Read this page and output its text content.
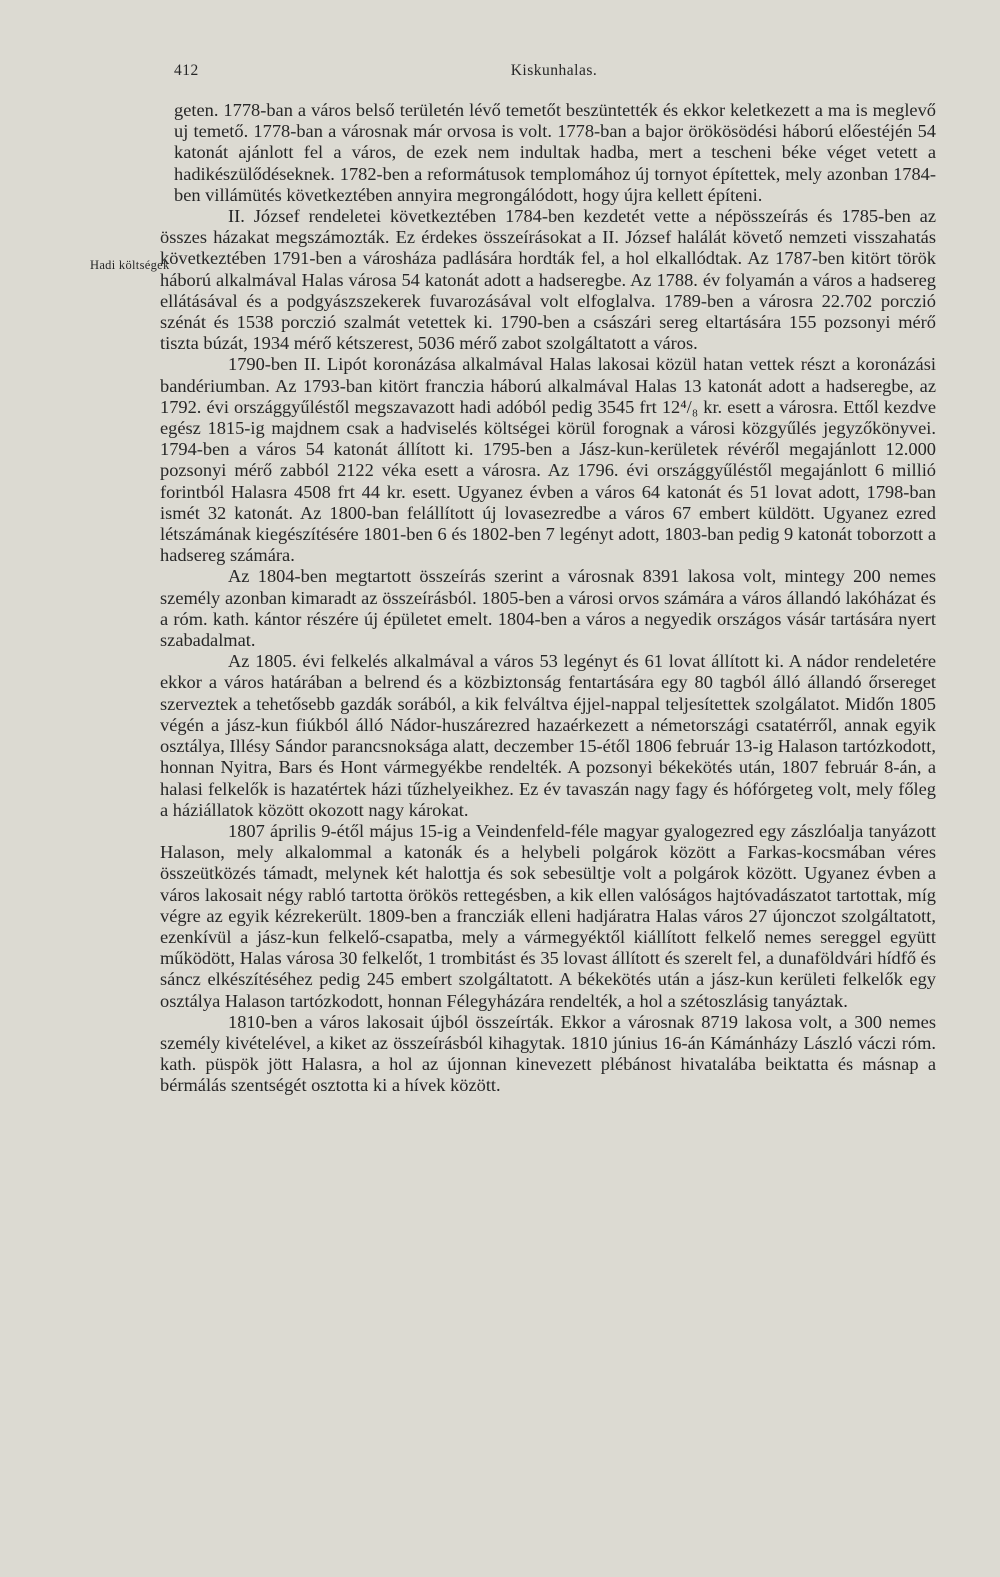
412	Kiskunhalas.
Hadi költségek

geten. 1778-ban a város belső területén lévő temetőt beszüntették és ekkor keletkezett a ma is meglevő uj temető. 1778-ban a városnak már orvosa is volt. 1778-ban a bajor örökösödési háború előestéjén 54 katonát ajánlott fel a város, de ezek nem indultak hadba, mert a tescheni béke véget vetett a hadikészülődéseknek. 1782-ben a reformátusok templomához új tornyot építettek, mely azonban 1784-ben villámütés következtében annyira megrongálódott, hogy újra kellett építeni.

II. József rendeletei következtében 1784-ben kezdetét vette a népösszeírás és 1785-ben az összes házakat megszámozták. Ez érdekes összeírásokat a II. József halálát követő nemzeti visszahatás következtében 1791-ben a városháza padlására hordták fel, a hol elkallódtak. Az 1787-ben kitört török háború alkalmával Halas városa 54 katonát adott a hadseregbe. Az 1788. év folyamán a város a hadsereg ellátásával és a podgyászszekerek fuvarozásával volt elfoglalva. 1789-ben a városra 22.702 porczió szénát és 1538 porczió szalmát vetettek ki. 1790-ben a császári sereg eltartására 155 pozsonyi mérő tiszta búzát, 1934 mérő kétszerest, 5036 mérő zabot szolgáltatott a város.

1790-ben II. Lipót koronázása alkalmával Halas lakosai közül hatan vettek részt a koronázási bandériumban. Az 1793-ban kitört franczia háború alkalmával Halas 13 katonát adott a hadseregbe, az 1792. évi országgyűléstől megszavazott hadi adóból pedig 3545 frt 12⁴/₈ kr. esett a városra. Ettől kezdve egész 1815-ig majdnem csak a hadviselés költségei körül forognak a városi közgyűlés jegyzőkönyvei. 1794-ben a város 54 katonát állított ki. 1795-ben a Jász-kun-kerületek révéről megajánlott 12.000 pozsonyi mérő zabból 2122 véka esett a városra. Az 1796. évi országgyűléstől megajánlott 6 millió forintból Halasra 4508 frt 44 kr. esett. Ugyanez évben a város 64 katonát és 51 lovat adott, 1798-ban ismét 32 katonát. Az 1800-ban felállított új lovasezredbe a város 67 embert küldött. Ugyanez ezred létszámának kiegészítésére 1801-ben 6 és 1802-ben 7 legényt adott, 1803-ban pedig 9 katonát toborzott a hadsereg számára.

Az 1804-ben megtartott összeírás szerint a városnak 8391 lakosa volt, mintegy 200 nemes személy azonban kimaradt az összeírásból. 1805-ben a városi orvos számára a város állandó lakóházat és a róm. kath. kántor részére új épületet emelt. 1804-ben a város a negyedik országos vásár tartására nyert szabadalmat.

Az 1805. évi felkelés alkalmával a város 53 legényt és 61 lovat állított ki. A nádor rendeletére ekkor a város határában a belrend és a közbiztonság fentartására egy 80 tagból álló állandó őrsereget szerveztek a tehetősebb gazdák sorából, a kik felváltva éjjel-nappal teljesítettek szolgálatot. Midőn 1805 végén a jász-kun fiúkból álló Nádor-huszárezred hazaérkezett a németországi csatatérről, annak egyik osztálya, Illésy Sándor parancsnoksága alatt, deczember 15-étől 1806 február 13-ig Halason tartózkodott, honnan Nyitra, Bars és Hont vármegyékbe rendelték. A pozsonyi békekötés után, 1807 február 8-án, a halasi felkelők is hazatértek házi tűzhelyeikhez. Ez év tavaszán nagy fagy és hófórgeteg volt, mely főleg a háziállatok között okozott nagy károkat.

1807 április 9-étől május 15-ig a Veindenfeld-féle magyar gyalogezred egy zászlóalja tanyázott Halason, mely alkalommal a katonák és a helybeli polgárok között a Farkas-kocsmában véres összeütközés támadt, melynek két halottja és sok sebesültje volt a polgárok között. Ugyanez évben a város lakosait négy rabló tartotta örökös rettegésben, a kik ellen valóságos hajtóvadászatot tartottak, míg végre az egyik kézrekerült. 1809-ben a francziák elleni hadjáratra Halas város 27 újonczot szolgáltatott, ezenkívül a jász-kun felkelő-csapatba, mely a vármegyéktől kiállított felkelő nemes sereggel együtt működött, Halas városa 30 felkelőt, 1 trombitást és 35 lovast állított és szerelt fel, a dunaföldvári hídfő és sáncz elkészítéséhez pedig 245 embert szolgáltatott. A békekötés után a jász-kun kerületi felkelők egy osztálya Halason tartózkodott, honnan Félegyházára rendelték, a hol a szétoszlásig tanyáztak.

1810-ben a város lakosait újból összeírták. Ekkor a városnak 8719 lakosa volt, a 300 nemes személy kivételével, a kiket az összeírásból kihagytak. 1810 június 16-án Kámánházy László váczi róm. kath. püspök jött Halasra, a hol az újonnan kinevezett plébánost hivatalába beiktatta és másnap a bérmálás szentségét osztotta ki a hívek között.
